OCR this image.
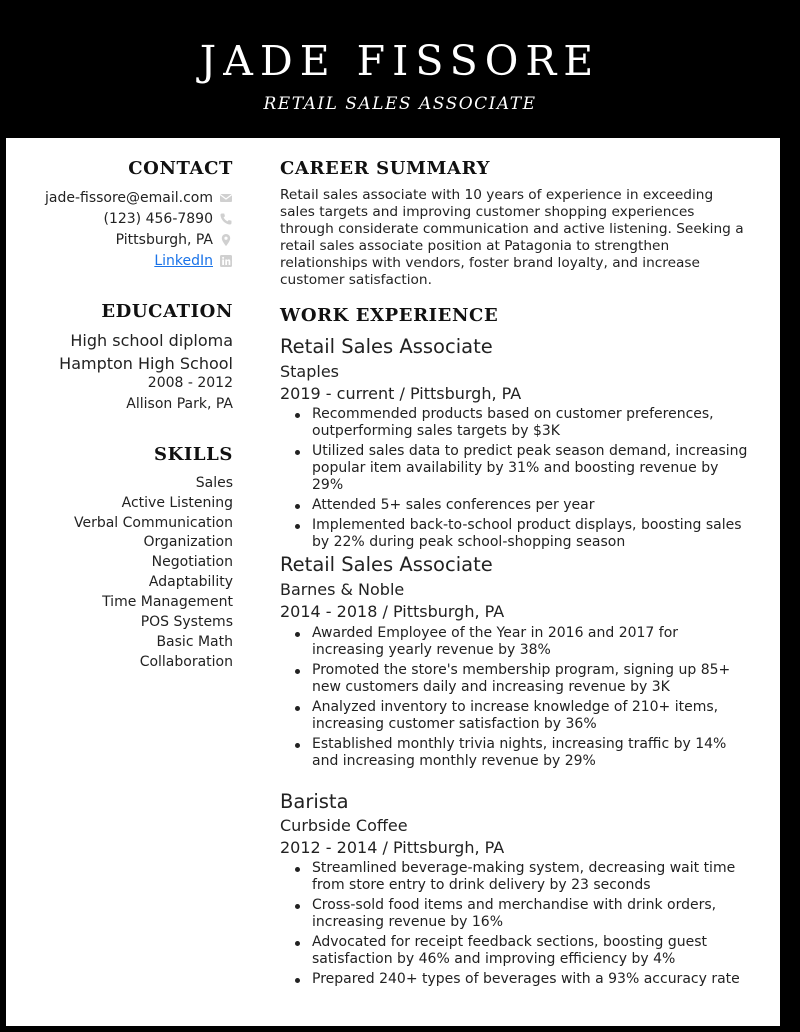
JADE FISSORE
RETAIL SALES ASSOCIATE
CONTACT
jade-fissore@email.com
(123) 456-7890
Pittsburgh, PA
LinkedIn
EDUCATION
High school diploma
Hampton High School
2008 - 2012
Allison Park, PA
SKILLS
Sales
Active Listening
Verbal Communication
Organization
Negotiation
Adaptability
Time Management
POS Systems
Basic Math
Collaboration
CAREER SUMMARY
Retail sales associate with 10 years of experience in exceeding sales targets and improving customer shopping experiences through considerate communication and active listening. Seeking a retail sales associate position at Patagonia to strengthen relationships with vendors, foster brand loyalty, and increase customer satisfaction.
WORK EXPERIENCE
Retail Sales Associate
Staples
2019 - current / Pittsburgh, PA
Recommended products based on customer preferences, outperforming sales targets by $3K
Utilized sales data to predict peak season demand, increasing popular item availability by 31% and boosting revenue by 29%
Attended 5+ sales conferences per year
Implemented back-to-school product displays, boosting sales by 22% during peak school-shopping season
Retail Sales Associate
Barnes & Noble
2014 - 2018 / Pittsburgh, PA
Awarded Employee of the Year in 2016 and 2017 for increasing yearly revenue by 38%
Promoted the store's membership program, signing up 85+ new customers daily and increasing revenue by 3K
Analyzed inventory to increase knowledge of 210+ items, increasing customer satisfaction by 36%
Established monthly trivia nights, increasing traffic by 14% and increasing monthly revenue by 29%
Barista
Curbside Coffee
2012 - 2014 / Pittsburgh, PA
Streamlined beverage-making system, decreasing wait time from store entry to drink delivery by 23 seconds
Cross-sold food items and merchandise with drink orders, increasing revenue by 16%
Advocated for receipt feedback sections, boosting guest satisfaction by 46% and improving efficiency by 4%
Prepared 240+ types of beverages with a 93% accuracy rate
